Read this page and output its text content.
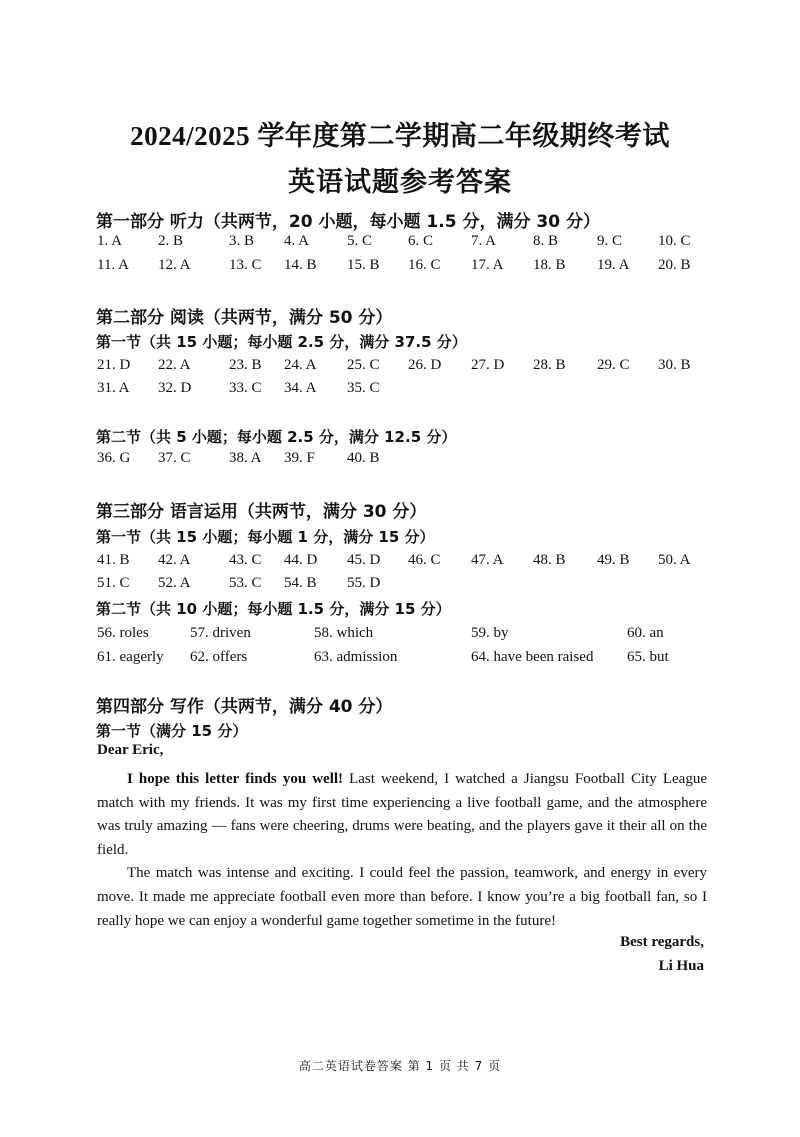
2024/2025 学年度第二学期高二年级期终考试
英语试题参考答案
第一部分 听力（共两节，20 小题，每小题 1.5 分，满分 30 分）
1. A 2. B	3. B 4. A	5. C 6. C	7. A 8. B	9. C 10. C
11. A 12. A	13. C 14. B 15. B 16. C 17. A 18. B 19. A 20. B
第二部分 阅读（共两节，满分 50 分）
第一节（共 15 小题；每小题 2.5 分，满分 37.5 分）
21. D 22. A	23. B 24. A 25. C 26. D 27. D 28. B 29. C 30. B
31. A 32. D	33. C 34. A 35. C
第二节（共 5 小题；每小题 2.5 分，满分 12.5 分）
36. G 37. C	38. A 39. F 40. B
第三部分 语言运用（共两节，满分 30 分）
第一节（共 15 小题；每小题 1 分，满分 15 分）
41. B 42. A	43. C 44. D 45. D 46. C 47. A 48. B 49. B 50. A
51. C 52. A	53. C 54. B 55. D
第二节（共 10 小题；每小题 1.5 分，满分 15 分）
56. roles	57. driven	58. which	59. by	60. an
61. eagerly 62. offers	63. admission	64. have been raised 65. but
第四部分 写作（共两节，满分 40 分）
第一节（满分 15 分）
Dear Eric,

I hope this letter finds you well! Last weekend, I watched a Jiangsu Football City League match with my friends. It was my first time experiencing a live football game, and the atmosphere was truly amazing — fans were cheering, drums were beating, and the players gave it their all on the field.

The match was intense and exciting. I could feel the passion, teamwork, and energy in every move. It made me appreciate football even more than before. I know you’re a big football fan, so I really hope we can enjoy a wonderful game together sometime in the future!

Best regards,
Li Hua
高二英语试卷答案 第 1 页 共 7 页
